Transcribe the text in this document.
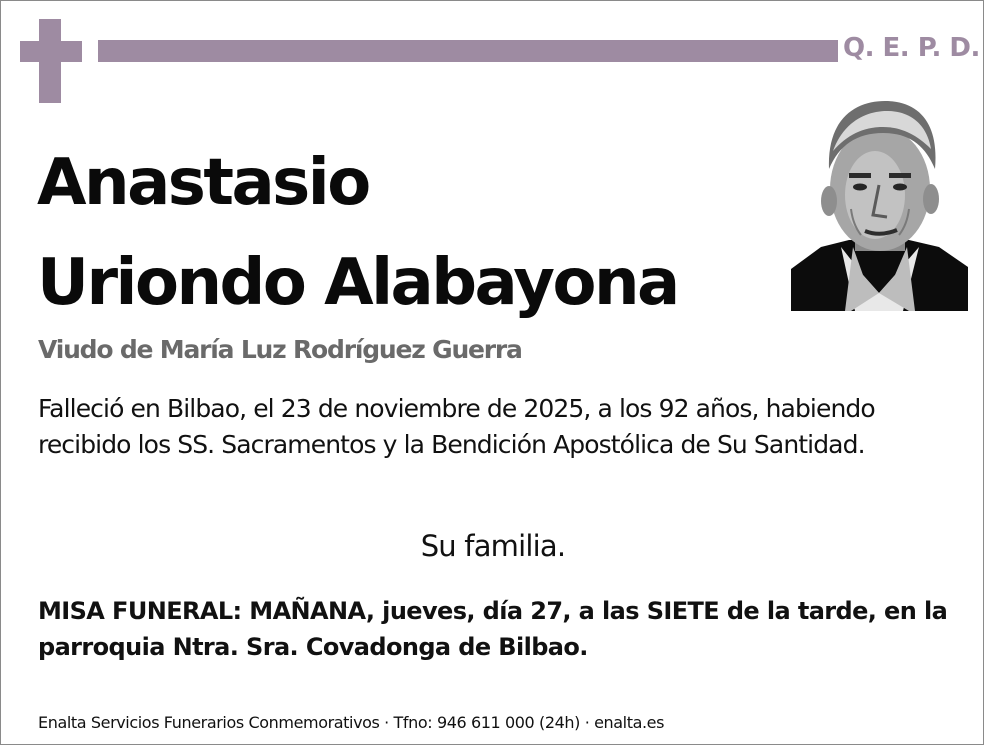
Q. E. P. D.
Anastasio
Uriondo Alabayona
Viudo de María Luz Rodríguez Guerra

Falleció en Bilbao, el 23 de noviembre de 2025, a los 92 años, habiendo recibido los SS. Sacramentos y la Bendición Apostólica de Su Santidad.

Su familia.

MISA FUNERAL: MAÑANA, jueves, día 27, a las SIETE de la tarde, en la parroquia Ntra. Sra. Covadonga de Bilbao.

Enalta Servicios Funerarios Conmemorativos · Tfno: 946 611 000 (24h) · enalta.es
